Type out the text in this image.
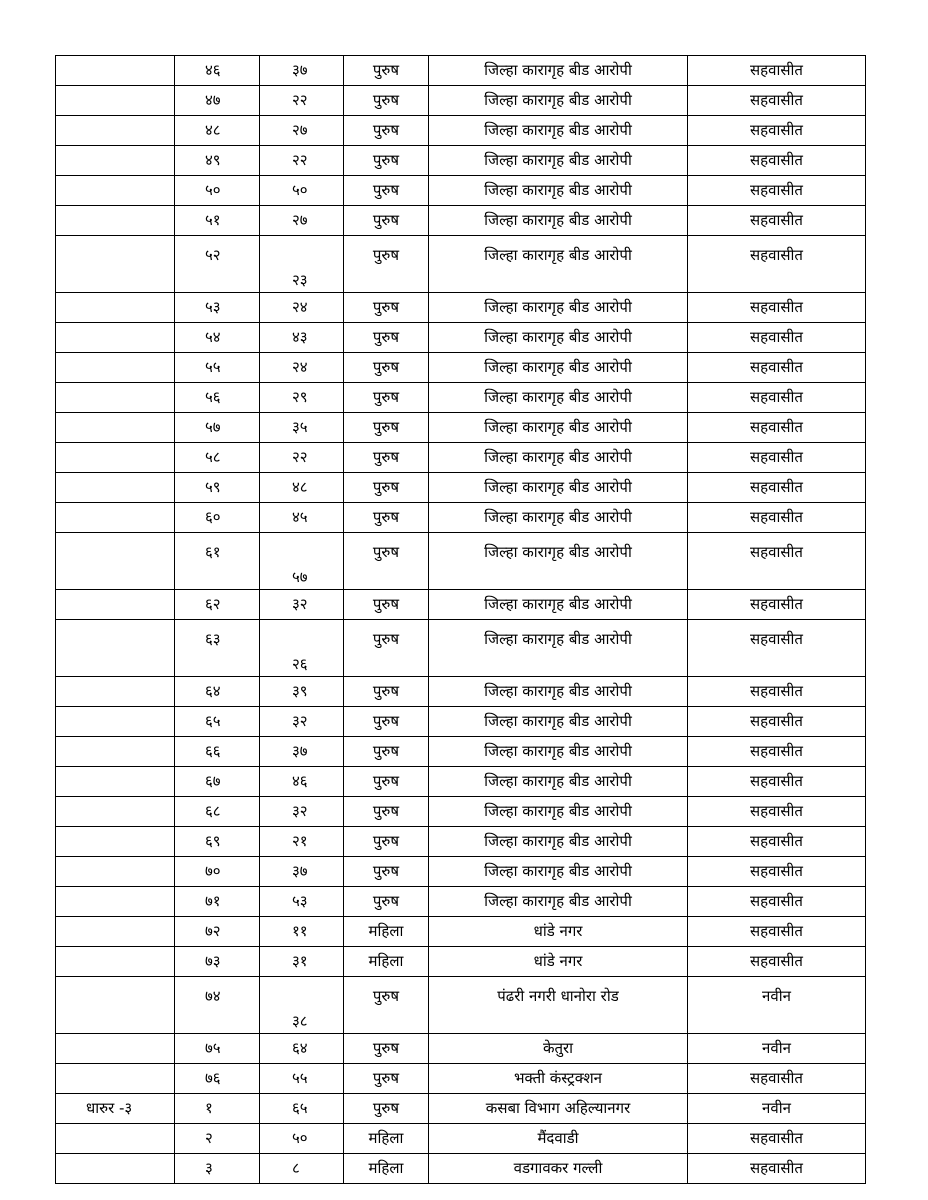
	४६	३७	पुरुष	जिल्हा कारागृह बीड आरोपी	सहवासीत
	४७	२२	पुरुष	जिल्हा कारागृह बीड आरोपी	सहवासीत
	४८	२७	पुरुष	जिल्हा कारागृह बीड आरोपी	सहवासीत
	४९	२२	पुरुष	जिल्हा कारागृह बीड आरोपी	सहवासीत
	५०	५०	पुरुष	जिल्हा कारागृह बीड आरोपी	सहवासीत
	५१	२७	पुरुष	जिल्हा कारागृह बीड आरोपी	सहवासीत
	५२	२३	पुरुष	जिल्हा कारागृह बीड आरोपी	सहवासीत
	५३	२४	पुरुष	जिल्हा कारागृह बीड आरोपी	सहवासीत
	५४	४३	पुरुष	जिल्हा कारागृह बीड आरोपी	सहवासीत
	५५	२४	पुरुष	जिल्हा कारागृह बीड आरोपी	सहवासीत
	५६	२९	पुरुष	जिल्हा कारागृह बीड आरोपी	सहवासीत
	५७	३५	पुरुष	जिल्हा कारागृह बीड आरोपी	सहवासीत
	५८	२२	पुरुष	जिल्हा कारागृह बीड आरोपी	सहवासीत
	५९	४८	पुरुष	जिल्हा कारागृह बीड आरोपी	सहवासीत
	६०	४५	पुरुष	जिल्हा कारागृह बीड आरोपी	सहवासीत
	६१	५७	पुरुष	जिल्हा कारागृह बीड आरोपी	सहवासीत
	६२	३२	पुरुष	जिल्हा कारागृह बीड आरोपी	सहवासीत
	६३	२६	पुरुष	जिल्हा कारागृह बीड आरोपी	सहवासीत
	६४	३९	पुरुष	जिल्हा कारागृह बीड आरोपी	सहवासीत
	६५	३२	पुरुष	जिल्हा कारागृह बीड आरोपी	सहवासीत
	६६	३७	पुरुष	जिल्हा कारागृह बीड आरोपी	सहवासीत
	६७	४६	पुरुष	जिल्हा कारागृह बीड आरोपी	सहवासीत
	६८	३२	पुरुष	जिल्हा कारागृह बीड आरोपी	सहवासीत
	६९	२१	पुरुष	जिल्हा कारागृह बीड आरोपी	सहवासीत
	७०	३७	पुरुष	जिल्हा कारागृह बीड आरोपी	सहवासीत
	७१	५३	पुरुष	जिल्हा कारागृह बीड आरोपी	सहवासीत
	७२	११	महिला	धांडे नगर	सहवासीत
	७३	३१	महिला	धांडे नगर	सहवासीत
	७४	३८	पुरुष	पंढरी नगरी धानोरा रोड	नवीन
	७५	६४	पुरुष	केतुरा	नवीन
	७६	५५	पुरुष	भक्ती कंस्ट्रक्शन	सहवासीत
धारुर -३	१	६५	पुरुष	कसबा विभाग अहिल्यानगर	नवीन
	२	५०	महिला	मैंदवाडी	सहवासीत
	३	८	महिला	वडगावकर गल्ली	सहवासीत
